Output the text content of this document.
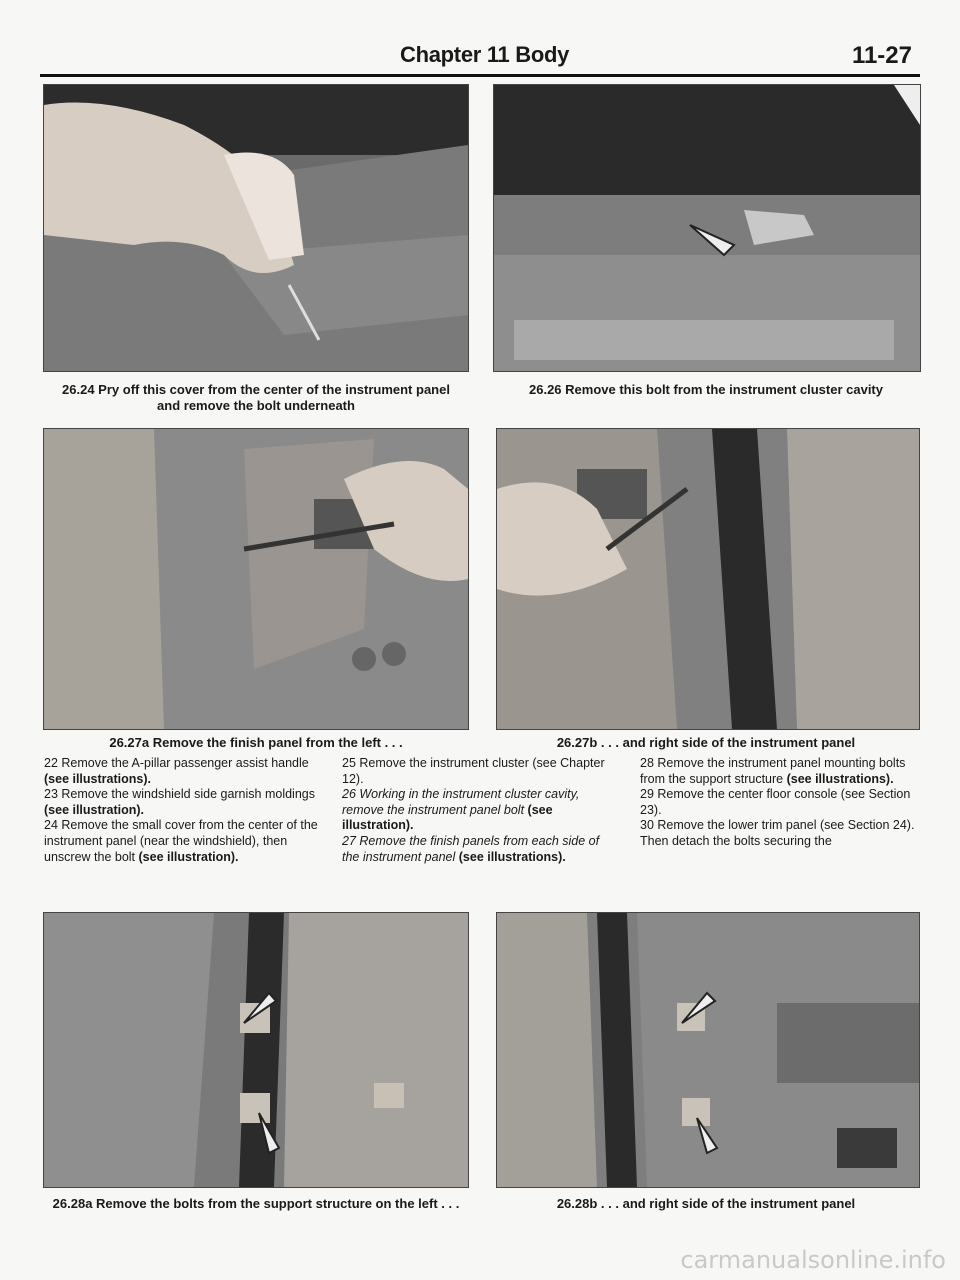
Chapter 11 Body	11-27
26.24 Pry off this cover from the center of the instrument panel
and remove the bolt underneath
26.26 Remove this bolt from the instrument cluster cavity
26.27a Remove the finish panel from the left . . .	26.27b . . . and right side of the instrument panel

22 Remove the A-pillar passenger assist handle (see illustrations).

23 Remove the windshield side garnish moldings (see illustration).

24 Remove the small cover from the center of the instrument panel (near the windshield), then unscrew the bolt (see illustration).

25 Remove the instrument cluster (see Chapter 12).

26 Working in the instrument cluster cavity, remove the instrument panel bolt (see illustration).

27 Remove the finish panels from each side of the instrument panel (see illustrations).

28 Remove the instrument panel mounting bolts from the support structure (see illustrations).

29 Remove the center floor console (see Section 23).

30 Remove the lower trim panel (see Section 24). Then detach the bolts securing the

26.28a Remove the bolts from the support structure on the left . . .	26.28b . . . and right side of the instrument panel
carmanualsonline.info
